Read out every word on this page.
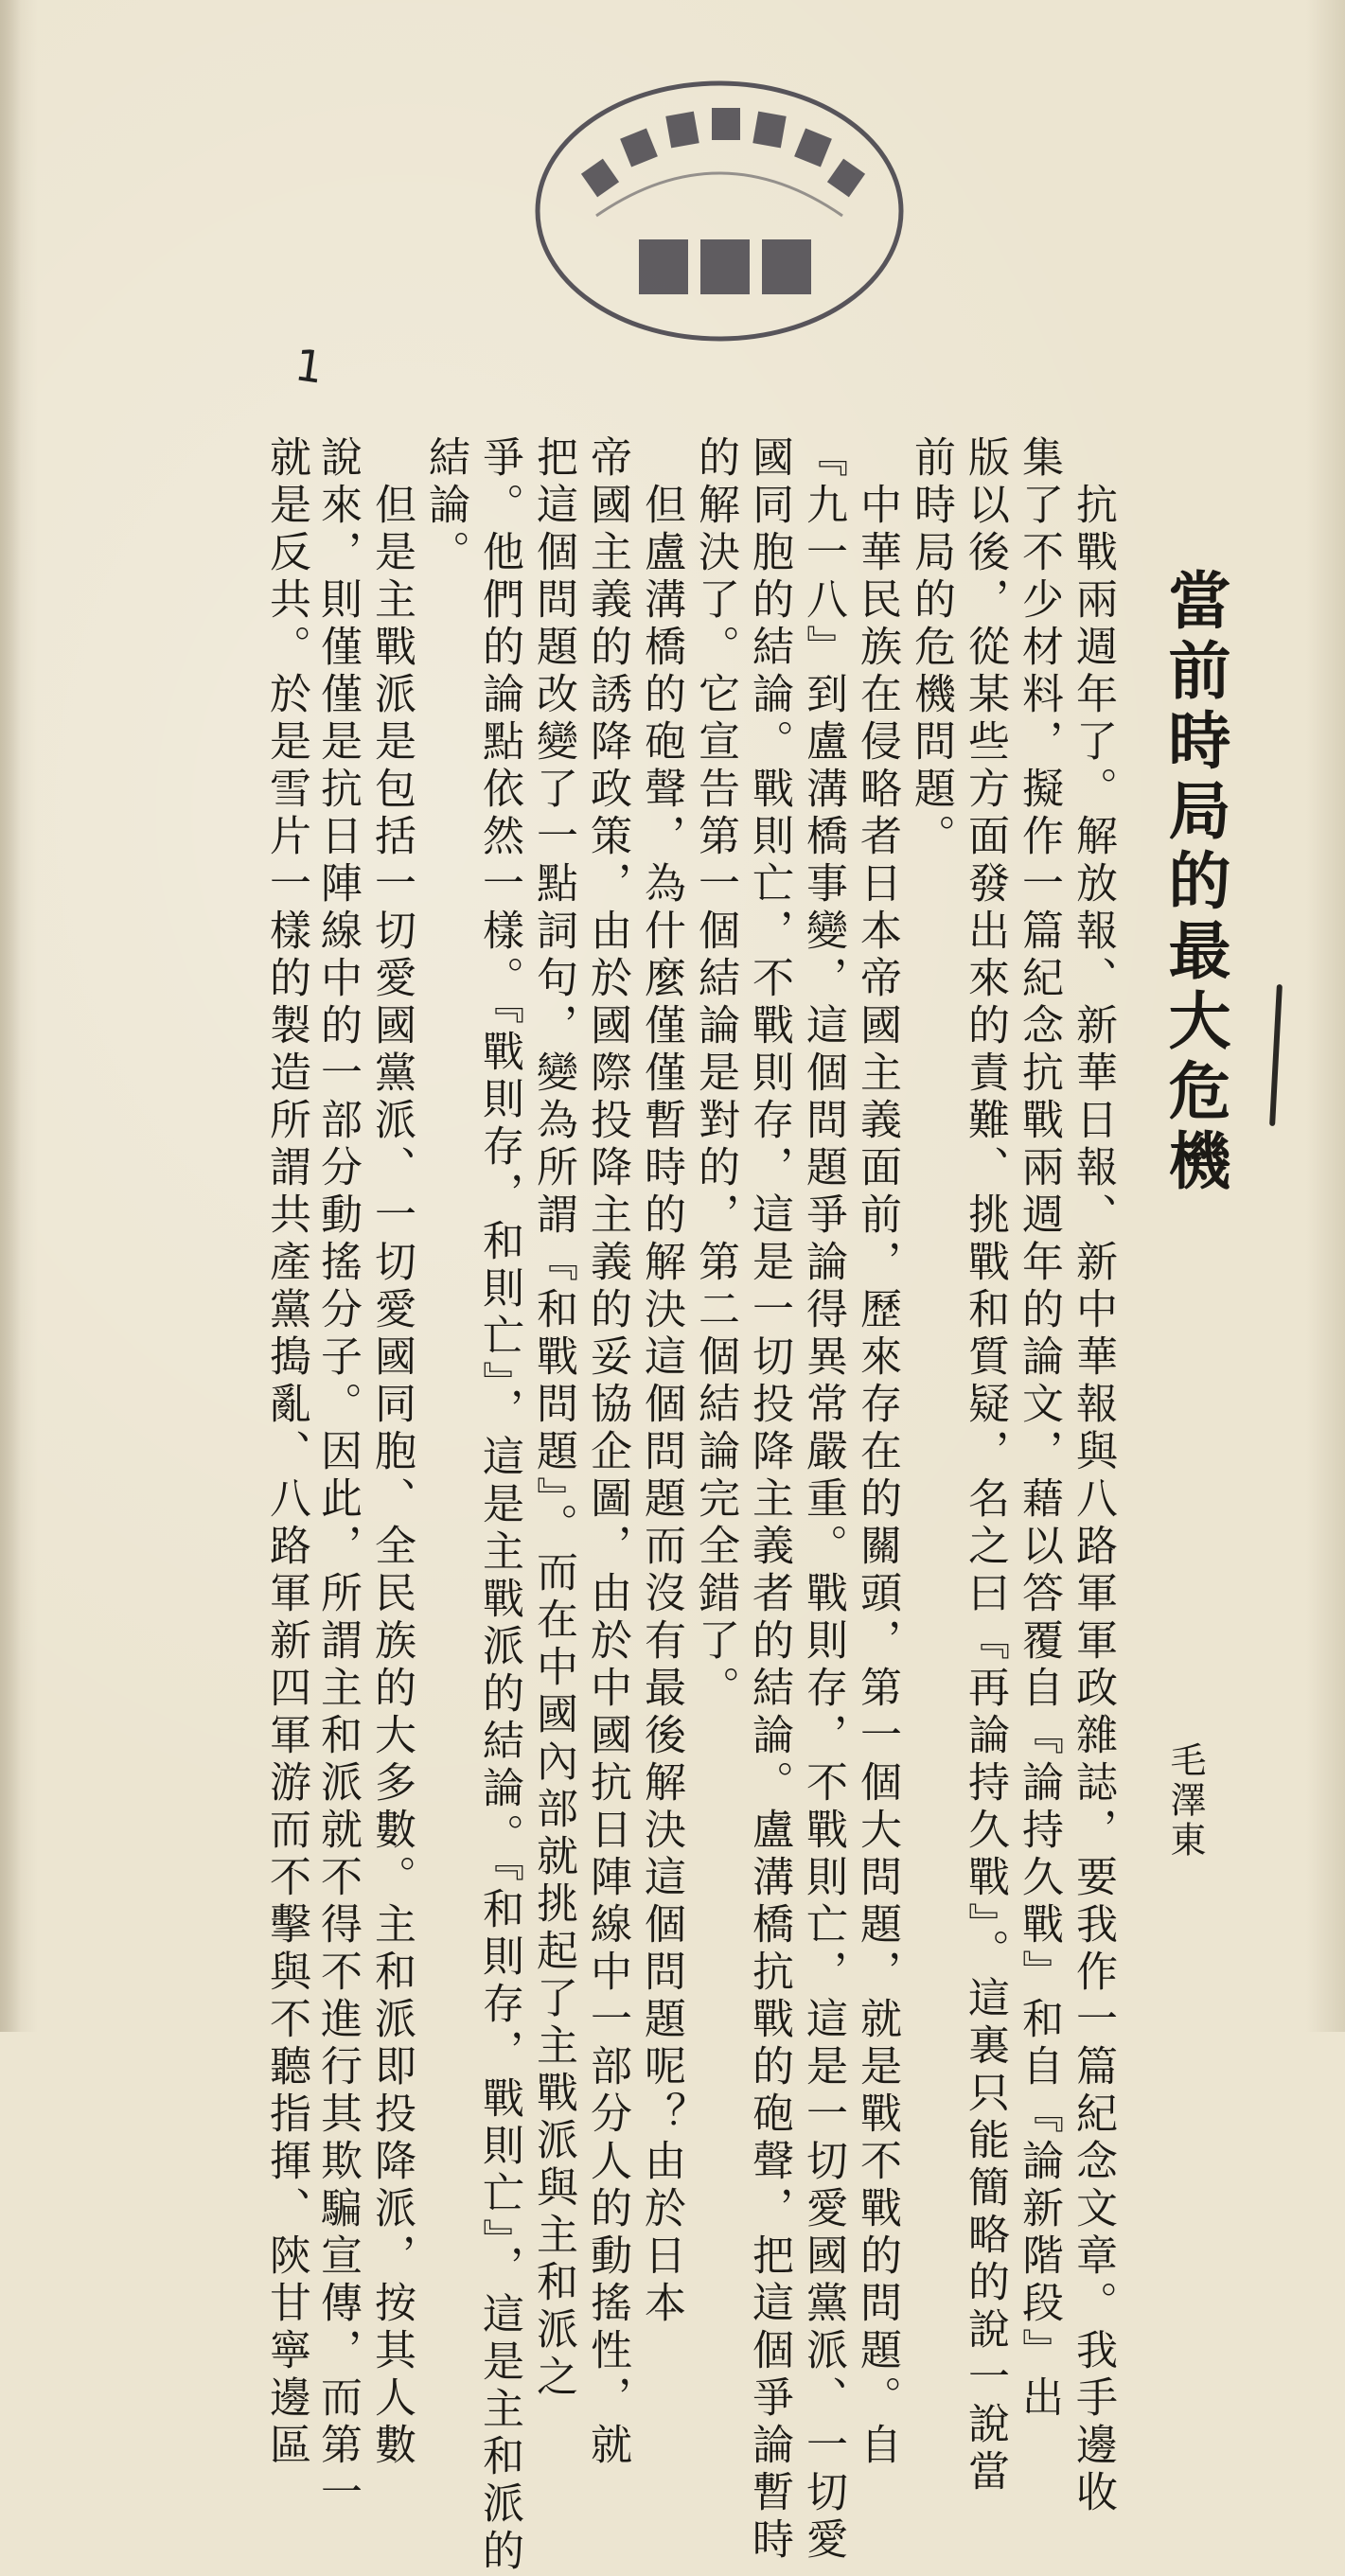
1
當前時局的最大危機
毛澤東
　抗戰兩週年了。解放報、新華日報、新中華報與八路軍軍政雜誌，要我作一篇紀念文章。我手邊收
集了不少材料，擬作一篇紀念抗戰兩週年的論文，藉以答覆自『論持久戰』和自『論新階段』出
版以後，從某些方面發出來的責難、挑戰和質疑，名之曰『再論持久戰』。這裏只能簡略的說一說當
前時局的危機問題。
　中華民族在侵略者日本帝國主義面前，歷來存在的關頭，第一個大問題，就是戰不戰的問題。自
『九一八』到盧溝橋事變，這個問題爭論得異常嚴重。戰則存，不戰則亡，這是一切愛國黨派、一切愛
國同胞的結論。戰則亡，不戰則存，這是一切投降主義者的結論。盧溝橋抗戰的砲聲，把這個爭論暫時
的解決了。它宣告第一個結論是對的，第二個結論完全錯了。
　但盧溝橋的砲聲，為什麼僅僅暫時的解決這個問題而沒有最後解決這個問題呢？由於日本
帝國主義的誘降政策，由於國際投降主義的妥協企圖，由於中國抗日陣線中一部分人的動搖性，就
把這個問題改變了一點詞句，變為所謂『和戰問題』。而在中國內部就挑起了主戰派與主和派之
爭。他們的論點依然一樣。『戰則存，和則亡』，這是主戰派的結論。『和則存，戰則亡』，這是主和派的
結論。
　但是主戰派是包括一切愛國黨派、一切愛國同胞、全民族的大多數。主和派即投降派，按其人數
說來，則僅僅是抗日陣線中的一部分動搖分子。因此，所謂主和派就不得不進行其欺騙宣傳，而第一
就是反共。於是雪片一樣的製造所謂共產黨搗亂、八路軍新四軍游而不擊與不聽指揮、陝甘寧邊區
